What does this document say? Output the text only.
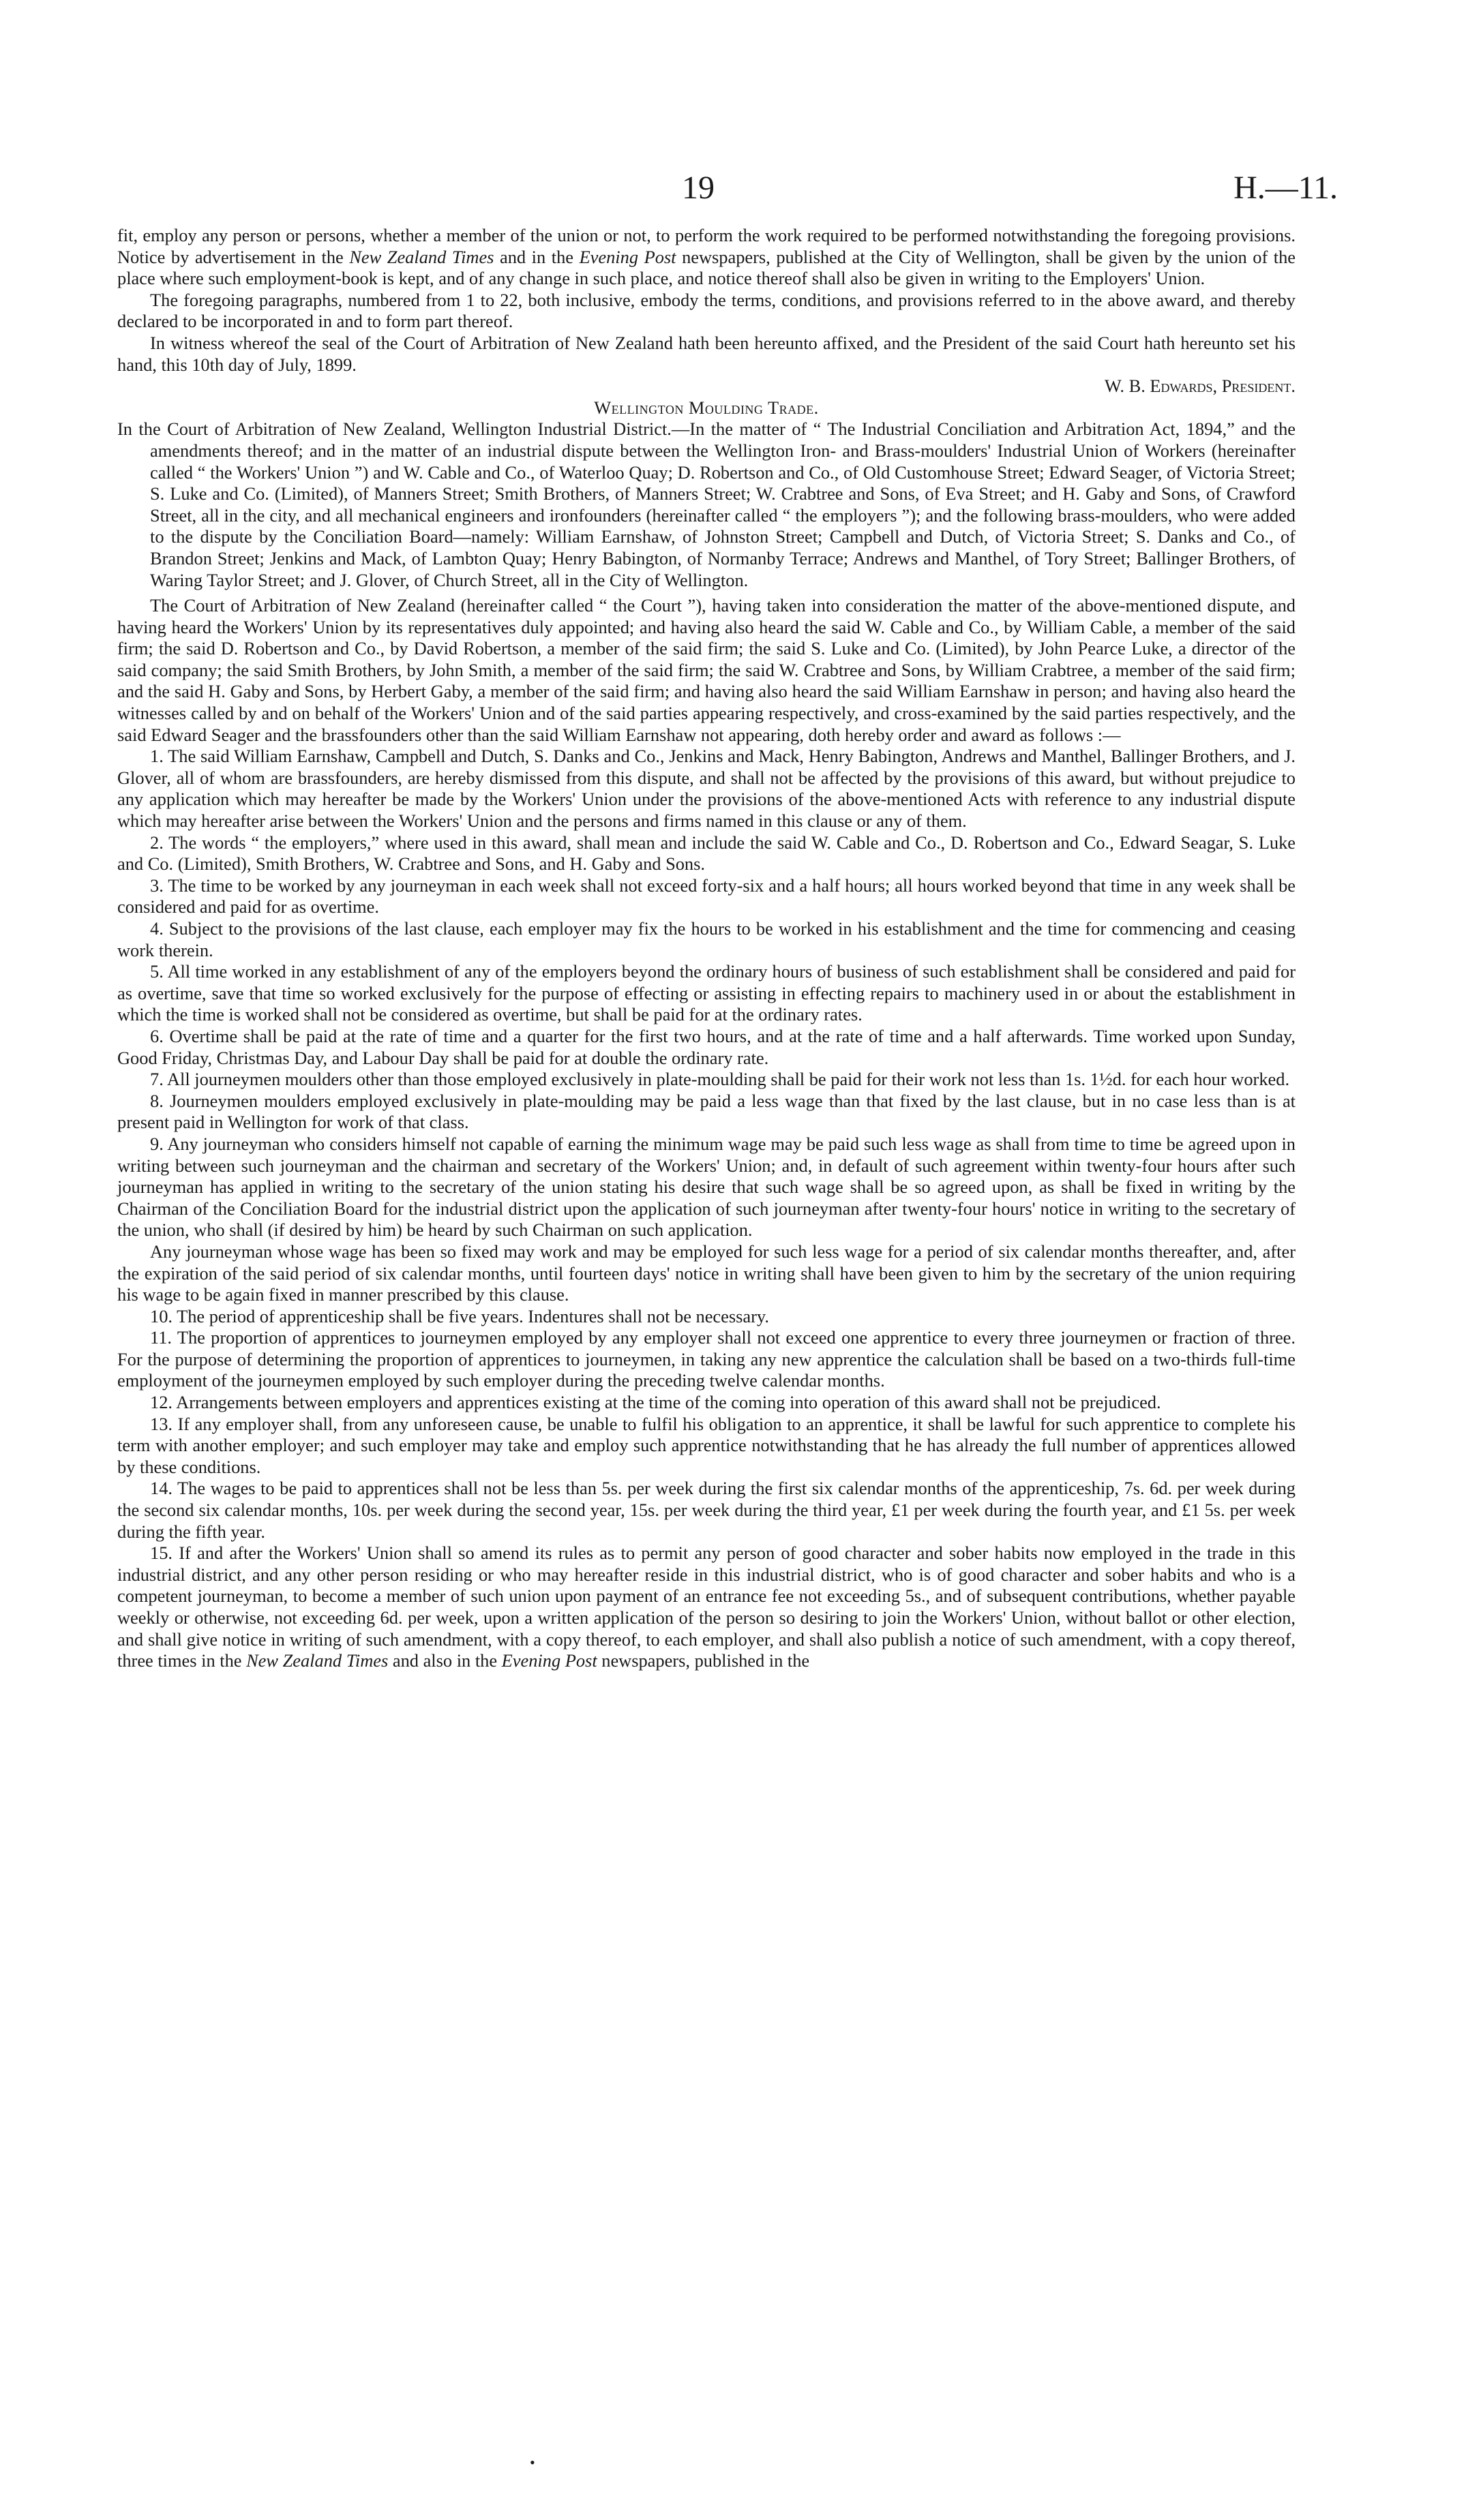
19	H.—11.

fit, employ any person or persons, whether a member of the union or not, to perform the work required to be performed notwithstanding the foregoing provisions. Notice by advertisement in the New Zealand Times and in the Evening Post newspapers, published at the City of Wellington, shall be given by the union of the place where such employment-book is kept, and of any change in such place, and notice thereof shall also be given in writing to the Employers' Union.

The foregoing paragraphs, numbered from 1 to 22, both inclusive, embody the terms, conditions, and provisions referred to in the above award, and thereby declared to be incorporated in and to form part thereof.

In witness whereof the seal of the Court of Arbitration of New Zealand hath been hereunto affixed, and the President of the said Court hath hereunto set his hand, this 10th day of July, 1899.

W. B. Edwards, President.

Wellington Moulding Trade.

In the Court of Arbitration of New Zealand, Wellington Industrial District.—In the matter of “ The Industrial Conciliation and Arbitration Act, 1894,” and the amendments thereof; and in the matter of an industrial dispute between the Wellington Iron- and Brass-moulders' Industrial Union of Workers (hereinafter called “ the Workers' Union ”) and W. Cable and Co., of Waterloo Quay; D. Robertson and Co., of Old Customhouse Street; Edward Seager, of Victoria Street; S. Luke and Co. (Limited), of Manners Street; Smith Brothers, of Manners Street; W. Crabtree and Sons, of Eva Street; and H. Gaby and Sons, of Crawford Street, all in the city, and all mechanical engineers and ironfounders (hereinafter called “ the employers ”); and the following brass-moulders, who were added to the dispute by the Conciliation Board—namely: William Earnshaw, of Johnston Street; Campbell and Dutch, of Victoria Street; S. Danks and Co., of Brandon Street; Jenkins and Mack, of Lambton Quay; Henry Babington, of Normanby Terrace; Andrews and Manthel, of Tory Street; Ballinger Brothers, of Waring Taylor Street; and J. Glover, of Church Street, all in the City of Wellington.

The Court of Arbitration of New Zealand (hereinafter called “ the Court ”), having taken into consideration the matter of the above-mentioned dispute, and having heard the Workers' Union by its representatives duly appointed; and having also heard the said W. Cable and Co., by William Cable, a member of the said firm; the said D. Robertson and Co., by David Robertson, a member of the said firm; the said S. Luke and Co. (Limited), by John Pearce Luke, a director of the said company; the said Smith Brothers, by John Smith, a member of the said firm; the said W. Crabtree and Sons, by William Crabtree, a member of the said firm; and the said H. Gaby and Sons, by Herbert Gaby, a member of the said firm; and having also heard the said William Earnshaw in person; and having also heard the witnesses called by and on behalf of the Workers' Union and of the said parties appearing respectively, and cross-examined by the said parties respectively, and the said Edward Seager and the brassfounders other than the said William Earnshaw not appearing, doth hereby order and award as follows :—

1. The said William Earnshaw, Campbell and Dutch, S. Danks and Co., Jenkins and Mack, Henry Babington, Andrews and Manthel, Ballinger Brothers, and J. Glover, all of whom are brassfounders, are hereby dismissed from this dispute, and shall not be affected by the provisions of this award, but without prejudice to any application which may hereafter be made by the Workers' Union under the provisions of the above-mentioned Acts with reference to any industrial dispute which may hereafter arise between the Workers' Union and the persons and firms named in this clause or any of them.

2. The words “ the employers,” where used in this award, shall mean and include the said W. Cable and Co., D. Robertson and Co., Edward Seagar, S. Luke and Co. (Limited), Smith Brothers, W. Crabtree and Sons, and H. Gaby and Sons.

3. The time to be worked by any journeyman in each week shall not exceed forty-six and a half hours; all hours worked beyond that time in any week shall be considered and paid for as overtime.

4. Subject to the provisions of the last clause, each employer may fix the hours to be worked in his establishment and the time for commencing and ceasing work therein.

5. All time worked in any establishment of any of the employers beyond the ordinary hours of business of such establishment shall be considered and paid for as overtime, save that time so worked exclusively for the purpose of effecting or assisting in effecting repairs to machinery used in or about the establishment in which the time is worked shall not be considered as overtime, but shall be paid for at the ordinary rates.

6. Overtime shall be paid at the rate of time and a quarter for the first two hours, and at the rate of time and a half afterwards. Time worked upon Sunday, Good Friday, Christmas Day, and Labour Day shall be paid for at double the ordinary rate.

7. All journeymen moulders other than those employed exclusively in plate-moulding shall be paid for their work not less than 1s. 1½d. for each hour worked.

8. Journeymen moulders employed exclusively in plate-moulding may be paid a less wage than that fixed by the last clause, but in no case less than is at present paid in Wellington for work of that class.

9. Any journeyman who considers himself not capable of earning the minimum wage may be paid such less wage as shall from time to time be agreed upon in writing between such journeyman and the chairman and secretary of the Workers' Union; and, in default of such agreement within twenty-four hours after such journeyman has applied in writing to the secretary of the union stating his desire that such wage shall be so agreed upon, as shall be fixed in writing by the Chairman of the Conciliation Board for the industrial district upon the application of such journeyman after twenty-four hours' notice in writing to the secretary of the union, who shall (if desired by him) be heard by such Chairman on such application.

Any journeyman whose wage has been so fixed may work and may be employed for such less wage for a period of six calendar months thereafter, and, after the expiration of the said period of six calendar months, until fourteen days' notice in writing shall have been given to him by the secretary of the union requiring his wage to be again fixed in manner prescribed by this clause.

10. The period of apprenticeship shall be five years. Indentures shall not be necessary.

11. The proportion of apprentices to journeymen employed by any employer shall not exceed one apprentice to every three journeymen or fraction of three. For the purpose of determining the proportion of apprentices to journeymen, in taking any new apprentice the calculation shall be based on a two-thirds full-time employment of the journeymen employed by such employer during the preceding twelve calendar months.

12. Arrangements between employers and apprentices existing at the time of the coming into operation of this award shall not be prejudiced.

13. If any employer shall, from any unforeseen cause, be unable to fulfil his obligation to an apprentice, it shall be lawful for such apprentice to complete his term with another employer; and such employer may take and employ such apprentice notwithstanding that he has already the full number of apprentices allowed by these conditions.

14. The wages to be paid to apprentices shall not be less than 5s. per week during the first six calendar months of the apprenticeship, 7s. 6d. per week during the second six calendar months, 10s. per week during the second year, 15s. per week during the third year, £1 per week during the fourth year, and £1 5s. per week during the fifth year.

15. If and after the Workers' Union shall so amend its rules as to permit any person of good character and sober habits now employed in the trade in this industrial district, and any other person residing or who may hereafter reside in this industrial district, who is of good character and sober habits and who is a competent journeyman, to become a member of such union upon payment of an entrance fee not exceeding 5s., and of subsequent contributions, whether payable weekly or otherwise, not exceeding 6d. per week, upon a written application of the person so desiring to join the Workers' Union, without ballot or other election, and shall give notice in writing of such amendment, with a copy thereof, to each employer, and shall also publish a notice of such amendment, with a copy thereof, three times in the New Zealand Times and also in the Evening Post newspapers, published in the

•
